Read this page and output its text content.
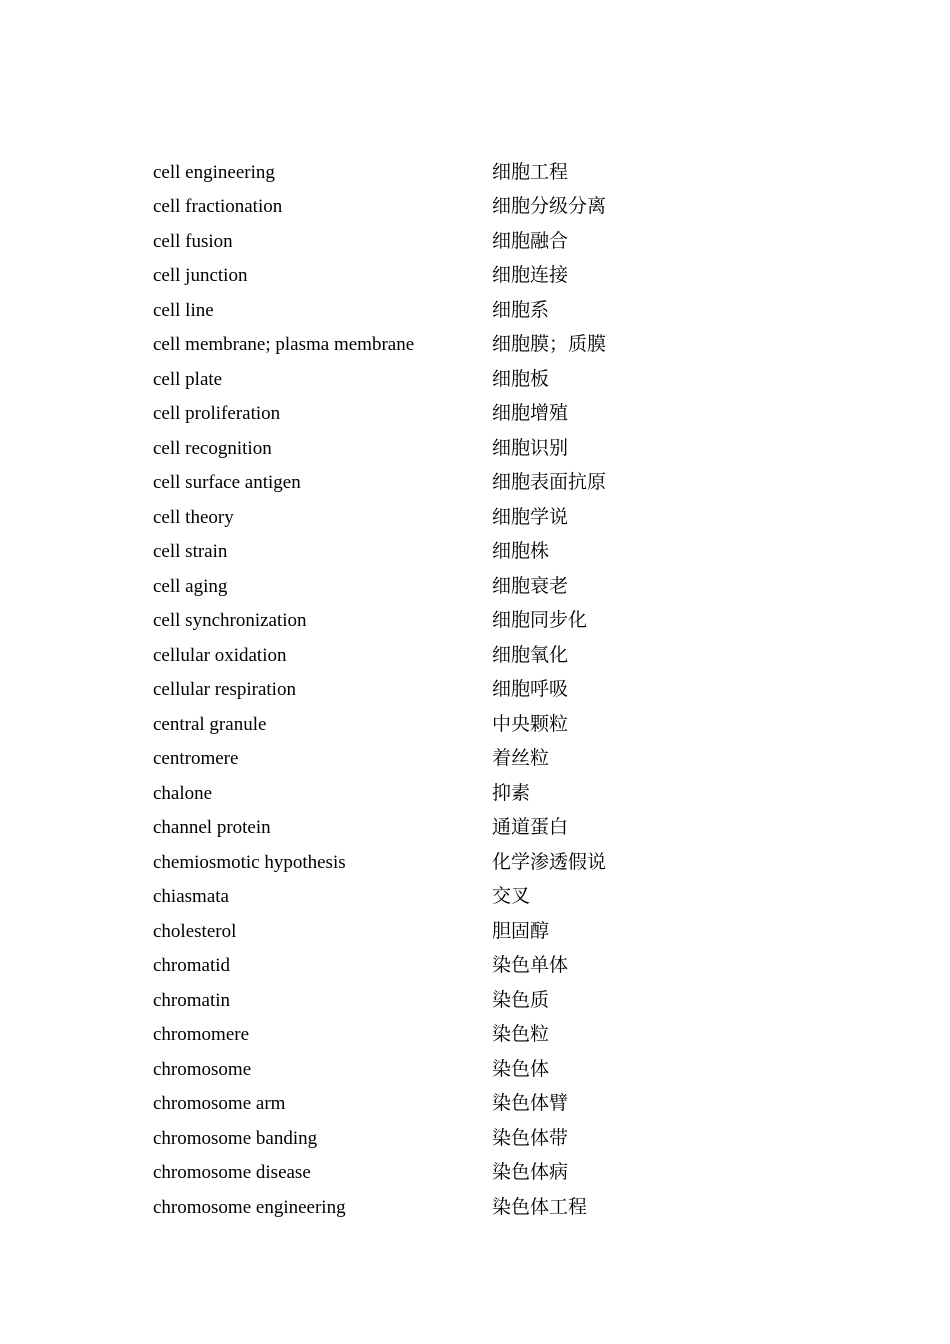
cell engineering	细胞工程
cell fractionation	细胞分级分离
cell fusion	细胞融合
cell junction	细胞连接
cell line	细胞系
cell membrane; plasma membrane	细胞膜；质膜
cell plate	细胞板
cell proliferation	细胞增殖
cell recognition	细胞识别
cell surface antigen	细胞表面抗原
cell theory	细胞学说
cell strain	细胞株
cell aging	细胞衰老
cell synchronization	细胞同步化
cellular oxidation	细胞氧化
cellular respiration	细胞呼吸
central granule	中央颗粒
centromere	着丝粒
chalone	抑素
channel protein	通道蛋白
chemiosmotic hypothesis	化学渗透假说
chiasmata	交叉
cholesterol	胆固醇
chromatid	染色单体
chromatin	染色质
chromomere	染色粒
chromosome	染色体
chromosome arm	染色体臂
chromosome banding	染色体带
chromosome disease	染色体病
chromosome engineering	染色体工程
